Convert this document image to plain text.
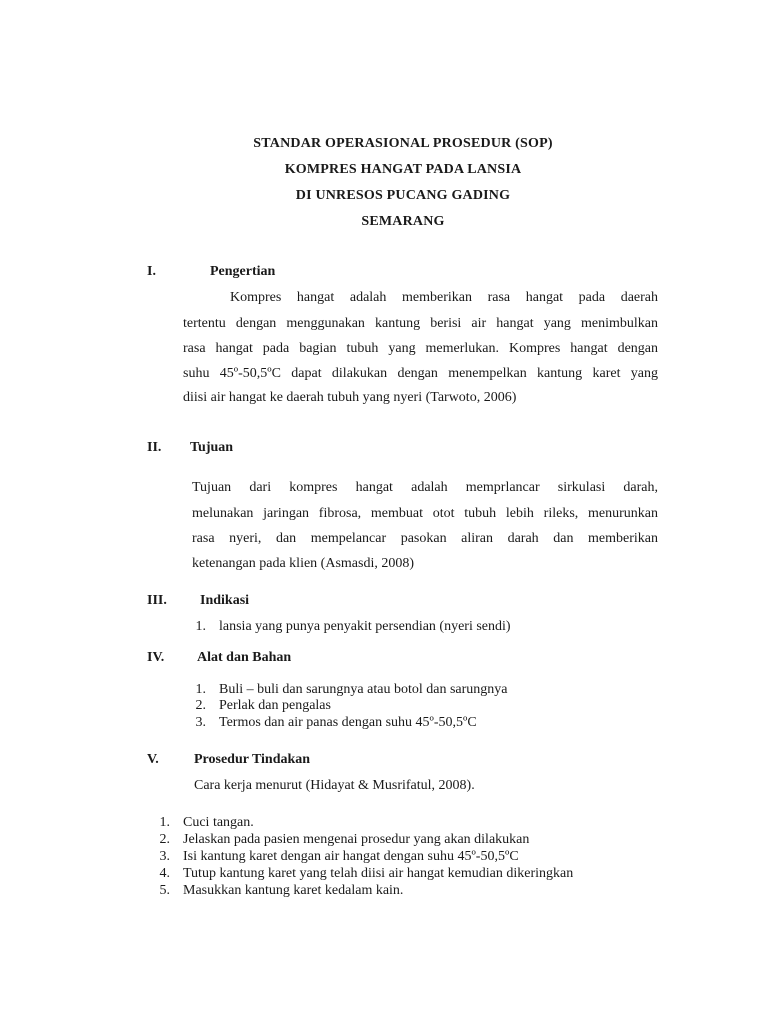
STANDAR OPERASIONAL PROSEDUR (SOP)
KOMPRES HANGAT PADA LANSIA
DI UNRESOS PUCANG GADING
SEMARANG
I.	Pengertian
Kompres hangat adalah memberikan rasa hangat pada daerah
tertentu dengan menggunakan kantung berisi air hangat yang menimbulkan
rasa hangat pada bagian tubuh yang memerlukan. Kompres hangat dengan
suhu 45º-50,5ºC dapat dilakukan dengan menempelkan kantung karet yang
diisi air hangat ke daerah tubuh yang nyeri (Tarwoto, 2006)
II. Tujuan
Tujuan dari kompres hangat adalah memprlancar sirkulasi darah,
melunakan jaringan fibrosa, membuat otot tubuh lebih rileks, menurunkan
rasa nyeri, dan mempelancar pasokan aliran darah dan memberikan
ketenangan pada klien (Asmasdi, 2008)
III. Indikasi
1. lansia yang punya penyakit persendian (nyeri sendi)
IV. Alat dan Bahan
1. Buli – buli dan sarungnya atau botol dan sarungnya
2. Perlak dan pengalas
3. Termos dan air panas dengan suhu 45º-50,5ºC
V.	Prosedur Tindakan
Cara kerja menurut (Hidayat & Musrifatul, 2008).
1. Cuci tangan.
2. Jelaskan pada pasien mengenai prosedur yang akan dilakukan
3. Isi kantung karet dengan air hangat dengan suhu 45º-50,5ºC
4. Tutup kantung karet yang telah diisi air hangat kemudian dikeringkan
5. Masukkan kantung karet kedalam kain.
